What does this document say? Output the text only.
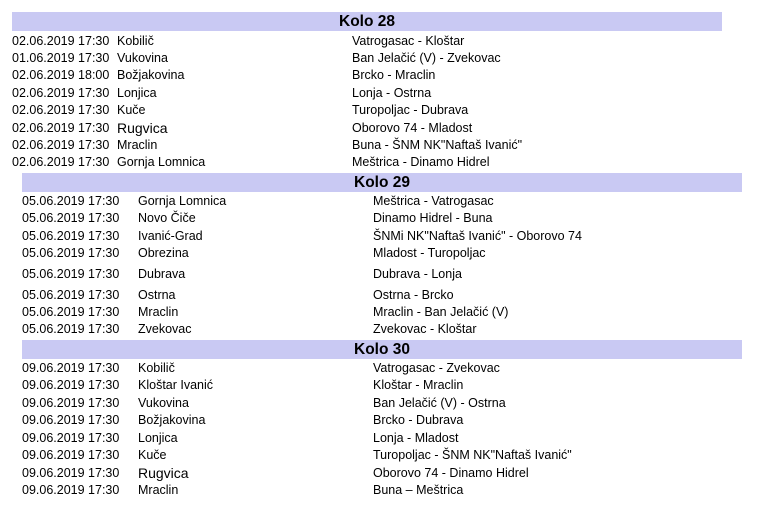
Kolo 28
02.06.2019 17:30 Kobilič	Vatrogasac - Kloštar
01.06.2019 17:30 Vukovina	Ban Jelačić (V) - Zvekovac
02.06.2019 18:00 Božjakovina	Brcko - Mraclin
02.06.2019 17:30 Lonjica	Lonja - Ostrna
02.06.2019 17:30 Kuče	Turopoljac - Dubrava
02.06.2019 17:30 Rugvica	Oborovo 74 - Mladost
02.06.2019 17:30 Mraclin	Buna - ŠNM NK"Naftaš Ivanić"
02.06.2019 17:30 Gornja Lomnica	Meštrica - Dinamo Hidrel
Kolo 29
05.06.2019 17:30 Gornja Lomnica	Meštrica - Vatrogasac
05.06.2019 17:30 Novo Čiče	Dinamo Hidrel - Buna
05.06.2019 17:30 Ivanić-Grad	ŠNMi NK"Naftaš Ivanić" - Oborovo 74
05.06.2019 17:30 Obrezina	Mladost - Turopoljac
05.06.2019 17:30 Dubrava	Dubrava - Lonja
05.06.2019 17:30 Ostrna	Ostrna - Brcko
05.06.2019 17:30 Mraclin	Mraclin - Ban Jelačić (V)
05.06.2019 17:30 Zvekovac	Zvekovac - Kloštar
Kolo 30
09.06.2019 17:30 Kobilič	Vatrogasac - Zvekovac
09.06.2019 17:30 Kloštar Ivanić	Kloštar - Mraclin
09.06.2019 17:30 Vukovina	Ban Jelačić (V) - Ostrna
09.06.2019 17:30 Božjakovina	Brcko - Dubrava
09.06.2019 17:30 Lonjica	Lonja - Mladost
09.06.2019 17:30 Kuče	Turopoljac - ŠNM NK"Naftaš Ivanić"
09.06.2019 17:30 Rugvica	Oborovo 74 - Dinamo Hidrel
09.06.2019 17:30 Mraclin	Buna – Meštrica
